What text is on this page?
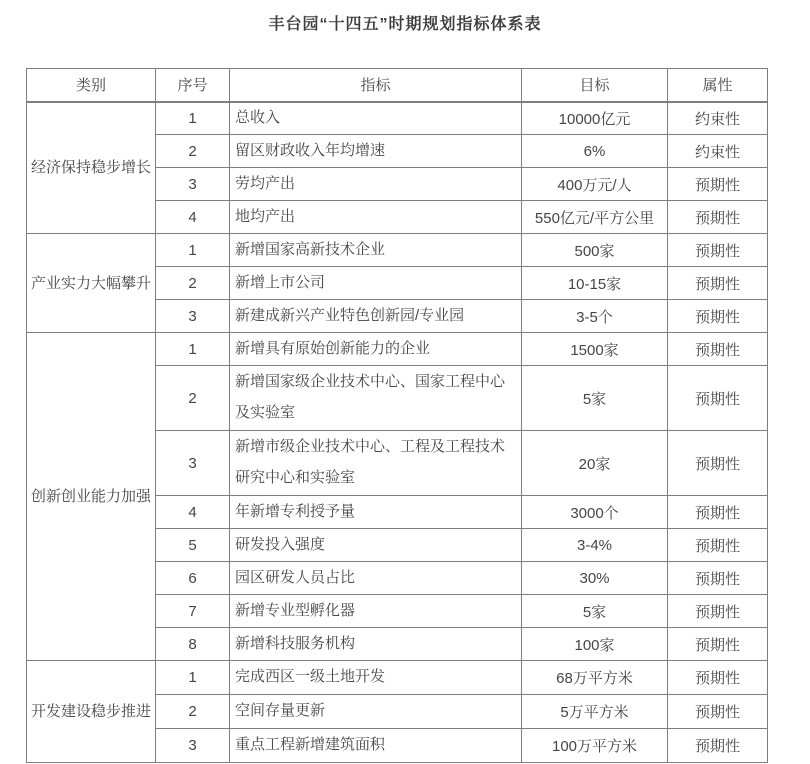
丰台园“十四五”时期规划指标体系表
类别	序号	指标	目标	属性
经济保持稳步增长	1	总收入	10000亿元	约束性
	2	留区财政收入年均增速	6%	约束性
	3	劳均产出	400万元/人	预期性
	4	地均产出	550亿元/平方公里	预期性
产业实力大幅攀升	1	新增国家高新技术企业	500家	预期性
	2	新增上市公司	10-15家	预期性
	3	新建成新兴产业特色创新园/专业园	3-5个	预期性
创新创业能力加强	1	新增具有原始创新能力的企业	1500家	预期性
	2	新增国家级企业技术中心、国家工程中心及实验室	5家	预期性
	3	新增市级企业技术中心、工程及工程技术研究中心和实验室	20家	预期性
	4	年新增专利授予量	3000个	预期性
	5	研发投入强度	3-4%	预期性
	6	园区研发人员占比	30%	预期性
	7	新增专业型孵化器	5家	预期性
	8	新增科技服务机构	100家	预期性
开发建设稳步推进	1	完成西区一级土地开发	68万平方米	预期性
	2	空间存量更新	5万平方米	预期性
	3	重点工程新增建筑面积	100万平方米	预期性
